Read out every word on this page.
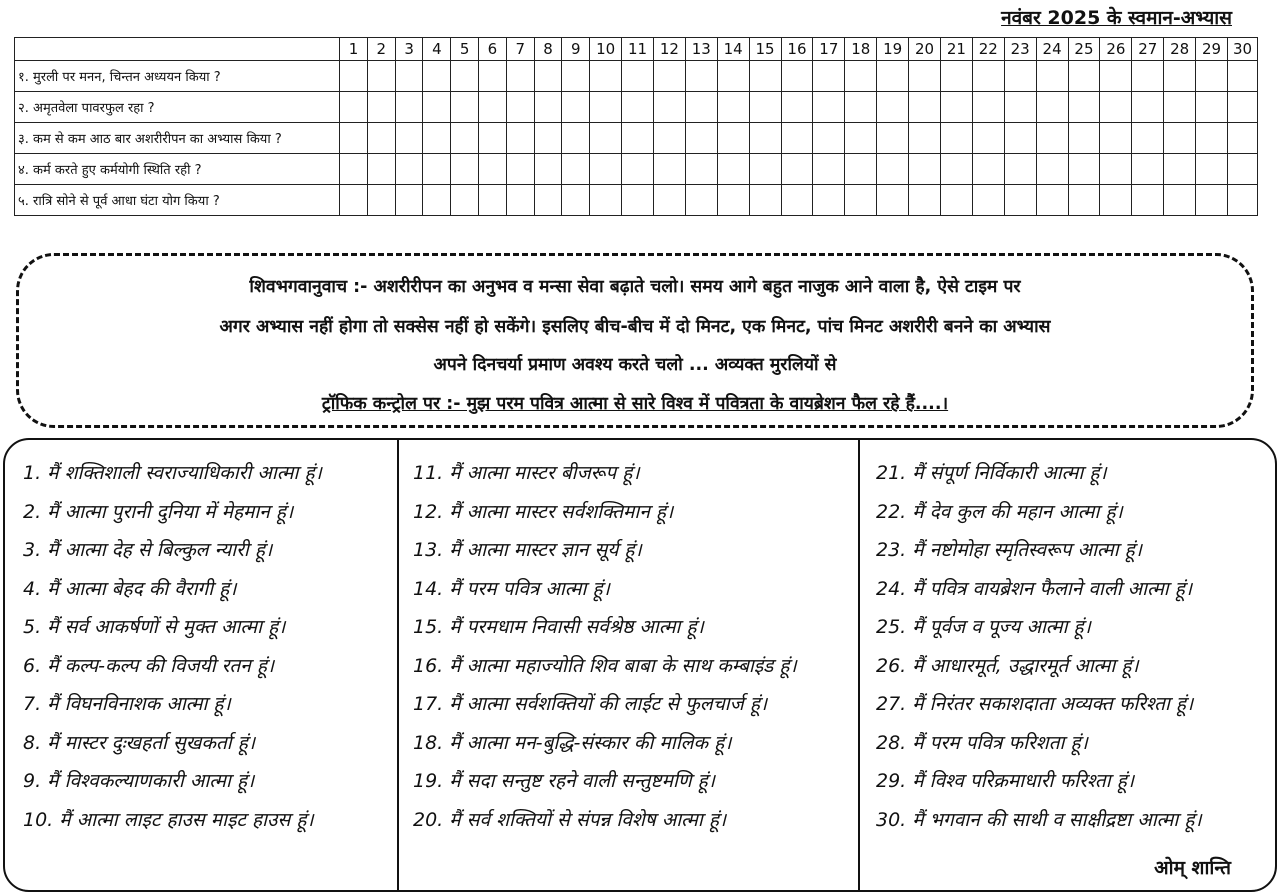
नवंबर 2025 के स्वमान-अभ्यास
	1	2	3	4	5	6	7	8	9	10	11	12	13	14	15	16	17	18	19	20	21	22	23	24	25	26	27	28	29	30
१. मुरली पर मनन, चिन्तन अध्ययन किया ?																														
२. अमृतवेला पावरफुल रहा ?																														
३. कम से कम आठ बार अशरीरीपन का अभ्यास किया ?																														
४. कर्म करते हुए कर्मयोगी स्थिति रही ?																														
५. रात्रि सोने से पूर्व आधा घंटा योग किया ?																														
शिवभगवानुवाच :- अशरीरीपन का अनुभव व मन्सा सेवा बढ़ाते चलो। समय आगे बहुत नाजुक आने वाला है, ऐसे टाइम पर
अगर अभ्यास नहीं होगा तो सक्सेस नहीं हो सकेंगे। इसलिए बीच-बीच में दो मिनट, एक मिनट, पांच मिनट अशरीरी बनने का अभ्यास
अपने दिनचर्या प्रमाण अवश्य करते चलो ... अव्यक्त मुरलियों से
ट्रॉफिक कन्ट्रोल पर :- मुझ परम पवित्र आत्मा से सारे विश्व में पवित्रता के वायब्रेशन फैल रहे हैं....।
1. मैं शक्तिशाली स्वराज्याधिकारी आत्मा हूं।
2. मैं आत्मा पुरानी दुनिया में मेहमान हूं।
3. मैं आत्मा देह से बिल्कुल न्यारी हूं।
4. मैं आत्मा बेहद की वैरागी हूं।
5. मैं सर्व आकर्षणों से मुक्त आत्मा हूं।
6. मैं कल्प-कल्प की विजयी रतन हूं।
7. मैं विघनविनाशक आत्मा हूं।
8. मैं मास्टर दुःखहर्ता सुखकर्ता हूं।
9. मैं विश्वकल्याणकारी आत्मा हूं।
10. मैं आत्मा लाइट हाउस माइट हाउस हूं।
11. मैं आत्मा मास्टर बीजरूप हूं।
12. मैं आत्मा मास्टर सर्वशक्तिमान हूं।
13. मैं आत्मा मास्टर ज्ञान सूर्य हूं।
14. मैं परम पवित्र आत्मा हूं।
15. मैं परमधाम निवासी सर्वश्रेष्ठ आत्मा हूं।
16. मैं आत्मा महाज्योति शिव बाबा के साथ कम्बाइंड हूं।
17. मैं आत्मा सर्वशक्तियों की लाईट से फुलचार्ज हूं।
18. मैं आत्मा मन-बुद्धि-संस्कार की मालिक हूं।
19. मैं सदा सन्तुष्ट रहने वाली सन्तुष्टमणि हूं।
20. मैं सर्व शक्तियों से संपन्न विशेष आत्मा हूं।
21. मैं संपूर्ण निर्विकारी आत्मा हूं।
22. मैं देव कुल की महान आत्मा हूं।
23. मैं नष्टोमोहा स्मृतिस्वरूप आत्मा हूं।
24. मैं पवित्र वायब्रेशन फैलाने वाली आत्मा हूं।
25. मैं पूर्वज व पूज्य आत्मा हूं।
26. मैं आधारमूर्त, उद्धारमूर्त आत्मा हूं।
27. मैं निरंतर सकाशदाता अव्यक्त फरिश्ता हूं।
28. मैं परम पवित्र फरिशता हूं।
29. मैं विश्व परिक्रमाधारी फरिश्ता हूं।
30. मैं भगवान की साथी व साक्षीद्रष्टा आत्मा हूं।
ओम् शान्ति
